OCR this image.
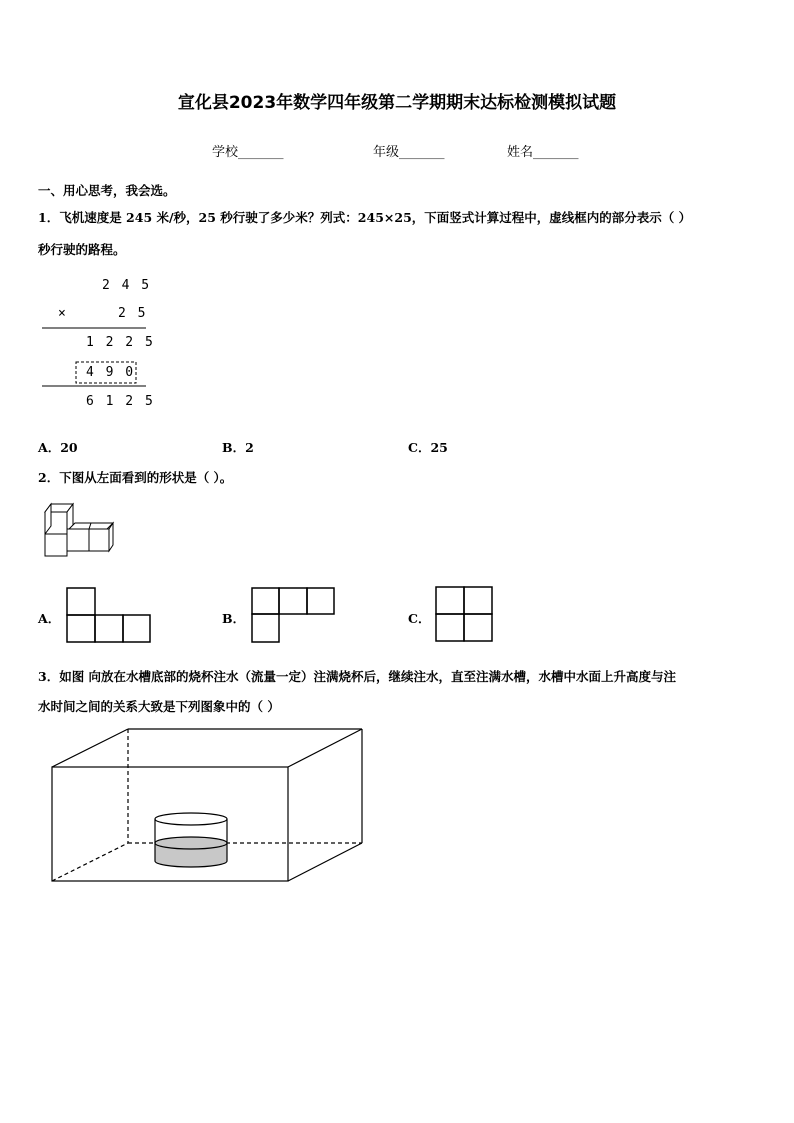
宣化县2023年数学四年级第二学期期末达标检测模拟试题
学校_______	年级_______	姓名_______
一、用心思考，我会选。
1．飞机速度是 245 米/秒，25 秒行驶了多少米？列式：245×25，下面竖式计算过程中，虚线框内的部分表示（ ）
秒行驶的路程。
2 4 5
×	2 5
1 2 2 5
4 9 0
6 1 2 5
A．20	B．2	C．25
2．下图从左面看到的形状是（ ）。
A．	B．	C．
3．如图 向放在水槽底部的烧杯注水（流量一定）注满烧杯后，继续注水，直至注满水槽，水槽中水面上升高度与注
水时间之间的关系大致是下列图象中的（ ）
